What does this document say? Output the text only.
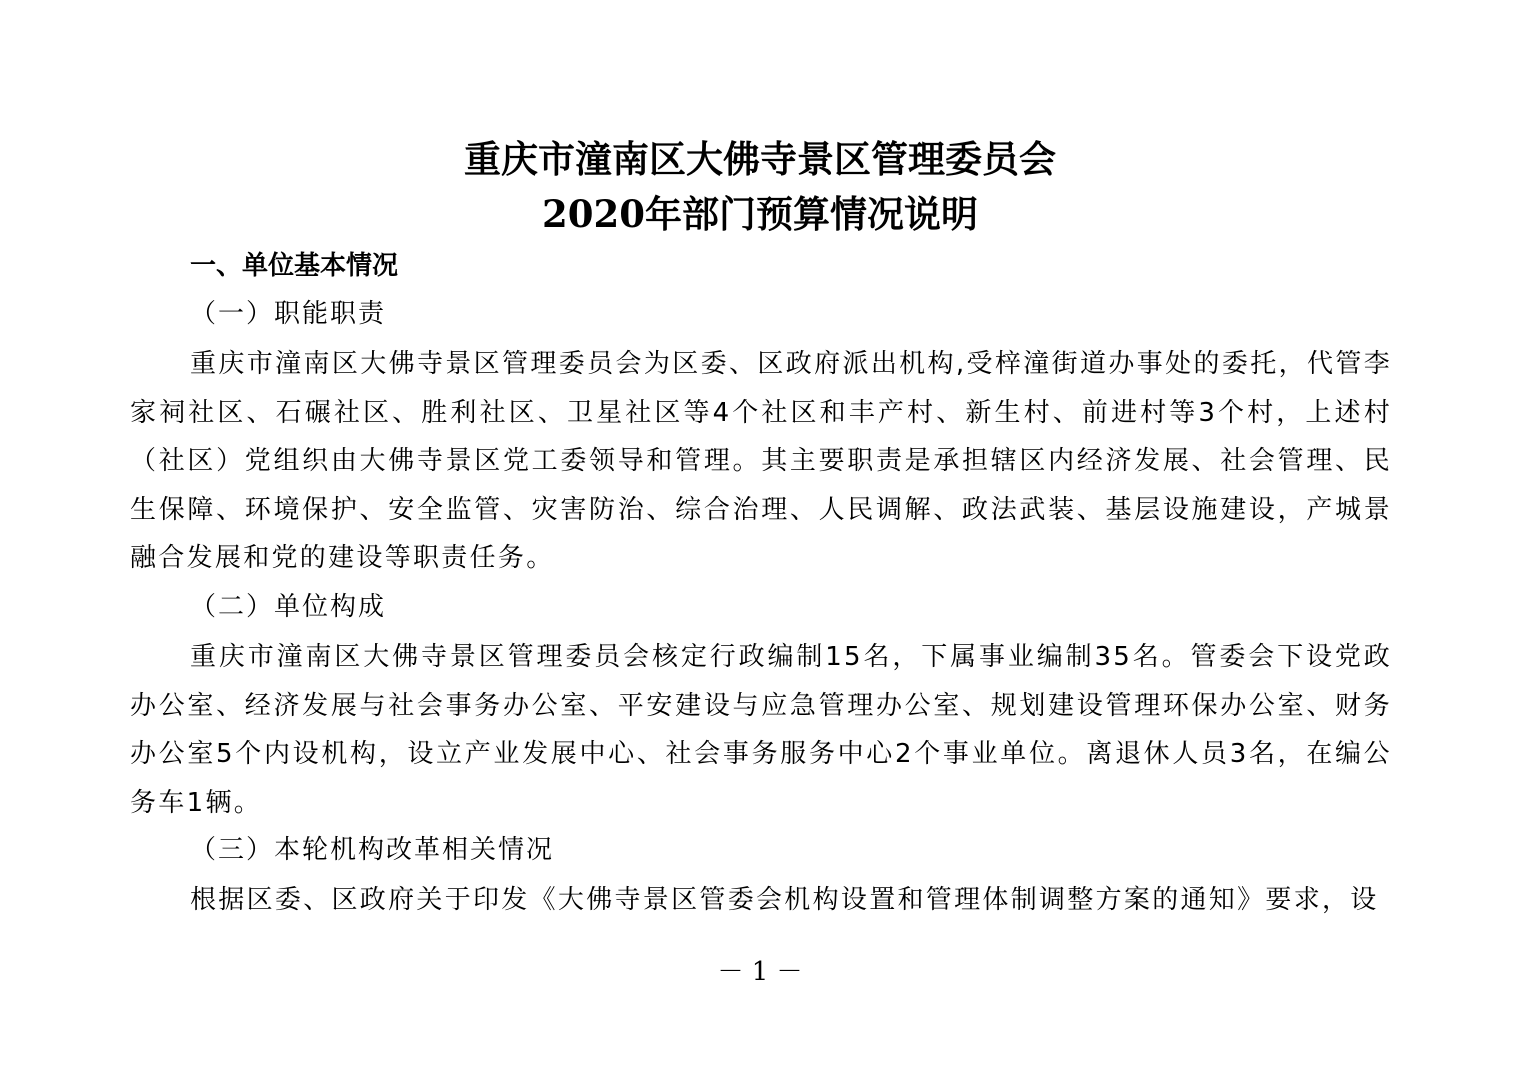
重庆市潼南区大佛寺景区管理委员会
2020年部门预算情况说明
一、单位基本情况
（一）职能职责

重庆市潼南区大佛寺景区管理委员会为区委、区政府派出机构,受梓潼街道办事处的委托，代管李家祠社区、石碾社区、胜利社区、卫星社区等4个社区和丰产村、新生村、前进村等3个村，上述村（社区）党组织由大佛寺景区党工委领导和管理。其主要职责是承担辖区内经济发展、社会管理、民生保障、环境保护、安全监管、灾害防治、综合治理、人民调解、政法武装、基层设施建设，产城景融合发展和党的建设等职责任务。

（二）单位构成

重庆市潼南区大佛寺景区管理委员会核定行政编制15名，下属事业编制35名。管委会下设党政办公室、经济发展与社会事务办公室、平安建设与应急管理办公室、规划建设管理环保办公室、财务办公室5个内设机构，设立产业发展中心、社会事务服务中心2个事业单位。离退休人员3名，在编公务车1辆。

（三）本轮机构改革相关情况

根据区委、区政府关于印发《大佛寺景区管委会机构设置和管理体制调整方案的通知》要求，设

－ 1 －
